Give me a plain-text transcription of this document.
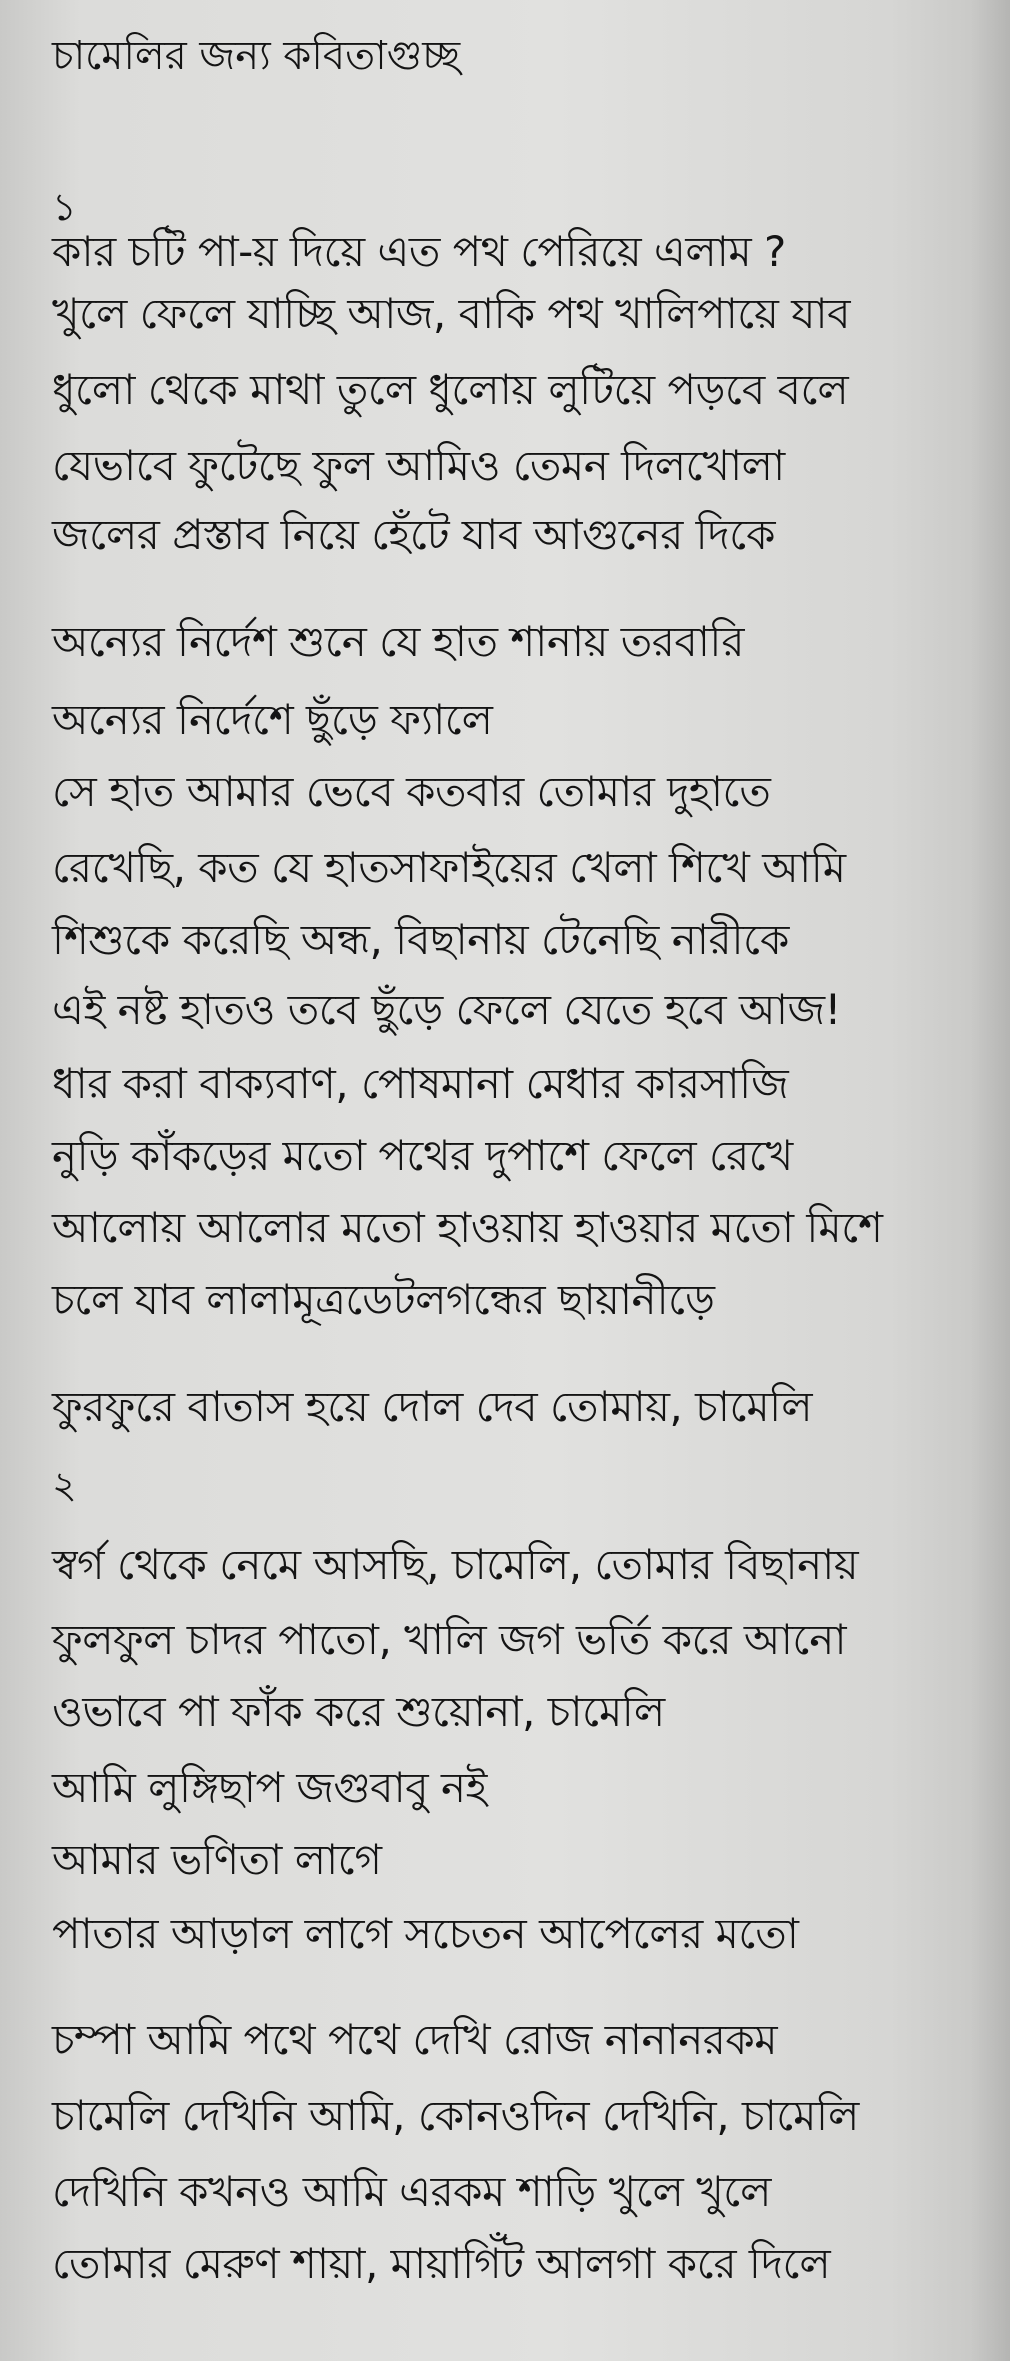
চামেলির জন্য কবিতাগুচ্ছ
১
কার চটি পা-য় দিয়ে এত পথ পেরিয়ে এলাম ?
খুলে ফেলে যাচ্ছি আজ, বাকি পথ খালিপায়ে যাব
ধুলো থেকে মাথা তুলে ধুলোয় লুটিয়ে পড়বে বলে
যেভাবে ফুটেছে ফুল আমিও তেমন দিলখোলা
জলের প্রস্তাব নিয়ে হেঁটে যাব আগুনের দিকে
অন্যের নির্দেশ শুনে যে হাত শানায় তরবারি
অন্যের নির্দেশে ছুঁড়ে ফ্যালে
সে হাত আমার ভেবে কতবার তোমার দুহাতে
রেখেছি, কত যে হাতসাফাইয়ের খেলা শিখে আমি
শিশুকে করেছি অন্ধ, বিছানায় টেনেছি নারীকে
এই নষ্ট হাতও তবে ছুঁড়ে ফেলে যেতে হবে আজ!
ধার করা বাক্যবাণ, পোষমানা মেধার কারসাজি
নুড়ি কাঁকড়ের মতো পথের দুপাশে ফেলে রেখে
আলোয় আলোর মতো হাওয়ায় হাওয়ার মতো মিশে
চলে যাব লালামূত্রডেটলগন্ধের ছায়ানীড়ে
ফুরফুরে বাতাস হয়ে দোল দেব তোমায়, চামেলি
২
স্বর্গ থেকে নেমে আসছি, চামেলি, তোমার বিছানায়
ফুলফুল চাদর পাতো, খালি জগ ভর্তি করে আনো
ওভাবে পা ফাঁক করে শুয়োনা, চামেলি
আমি লুঙ্গিছাপ জগুবাবু নই
আমার ভণিতা লাগে
পাতার আড়াল লাগে সচেতন আপেলের মতো
চম্পা আমি পথে পথে দেখি রোজ নানানরকম
চামেলি দেখিনি আমি, কোনওদিন দেখিনি, চামেলি
দেখিনি কখনও আমি এরকম শাড়ি খুলে খুলে
তোমার মেরুণ শায়া, মায়াগিঁট আলগা করে দিলে
